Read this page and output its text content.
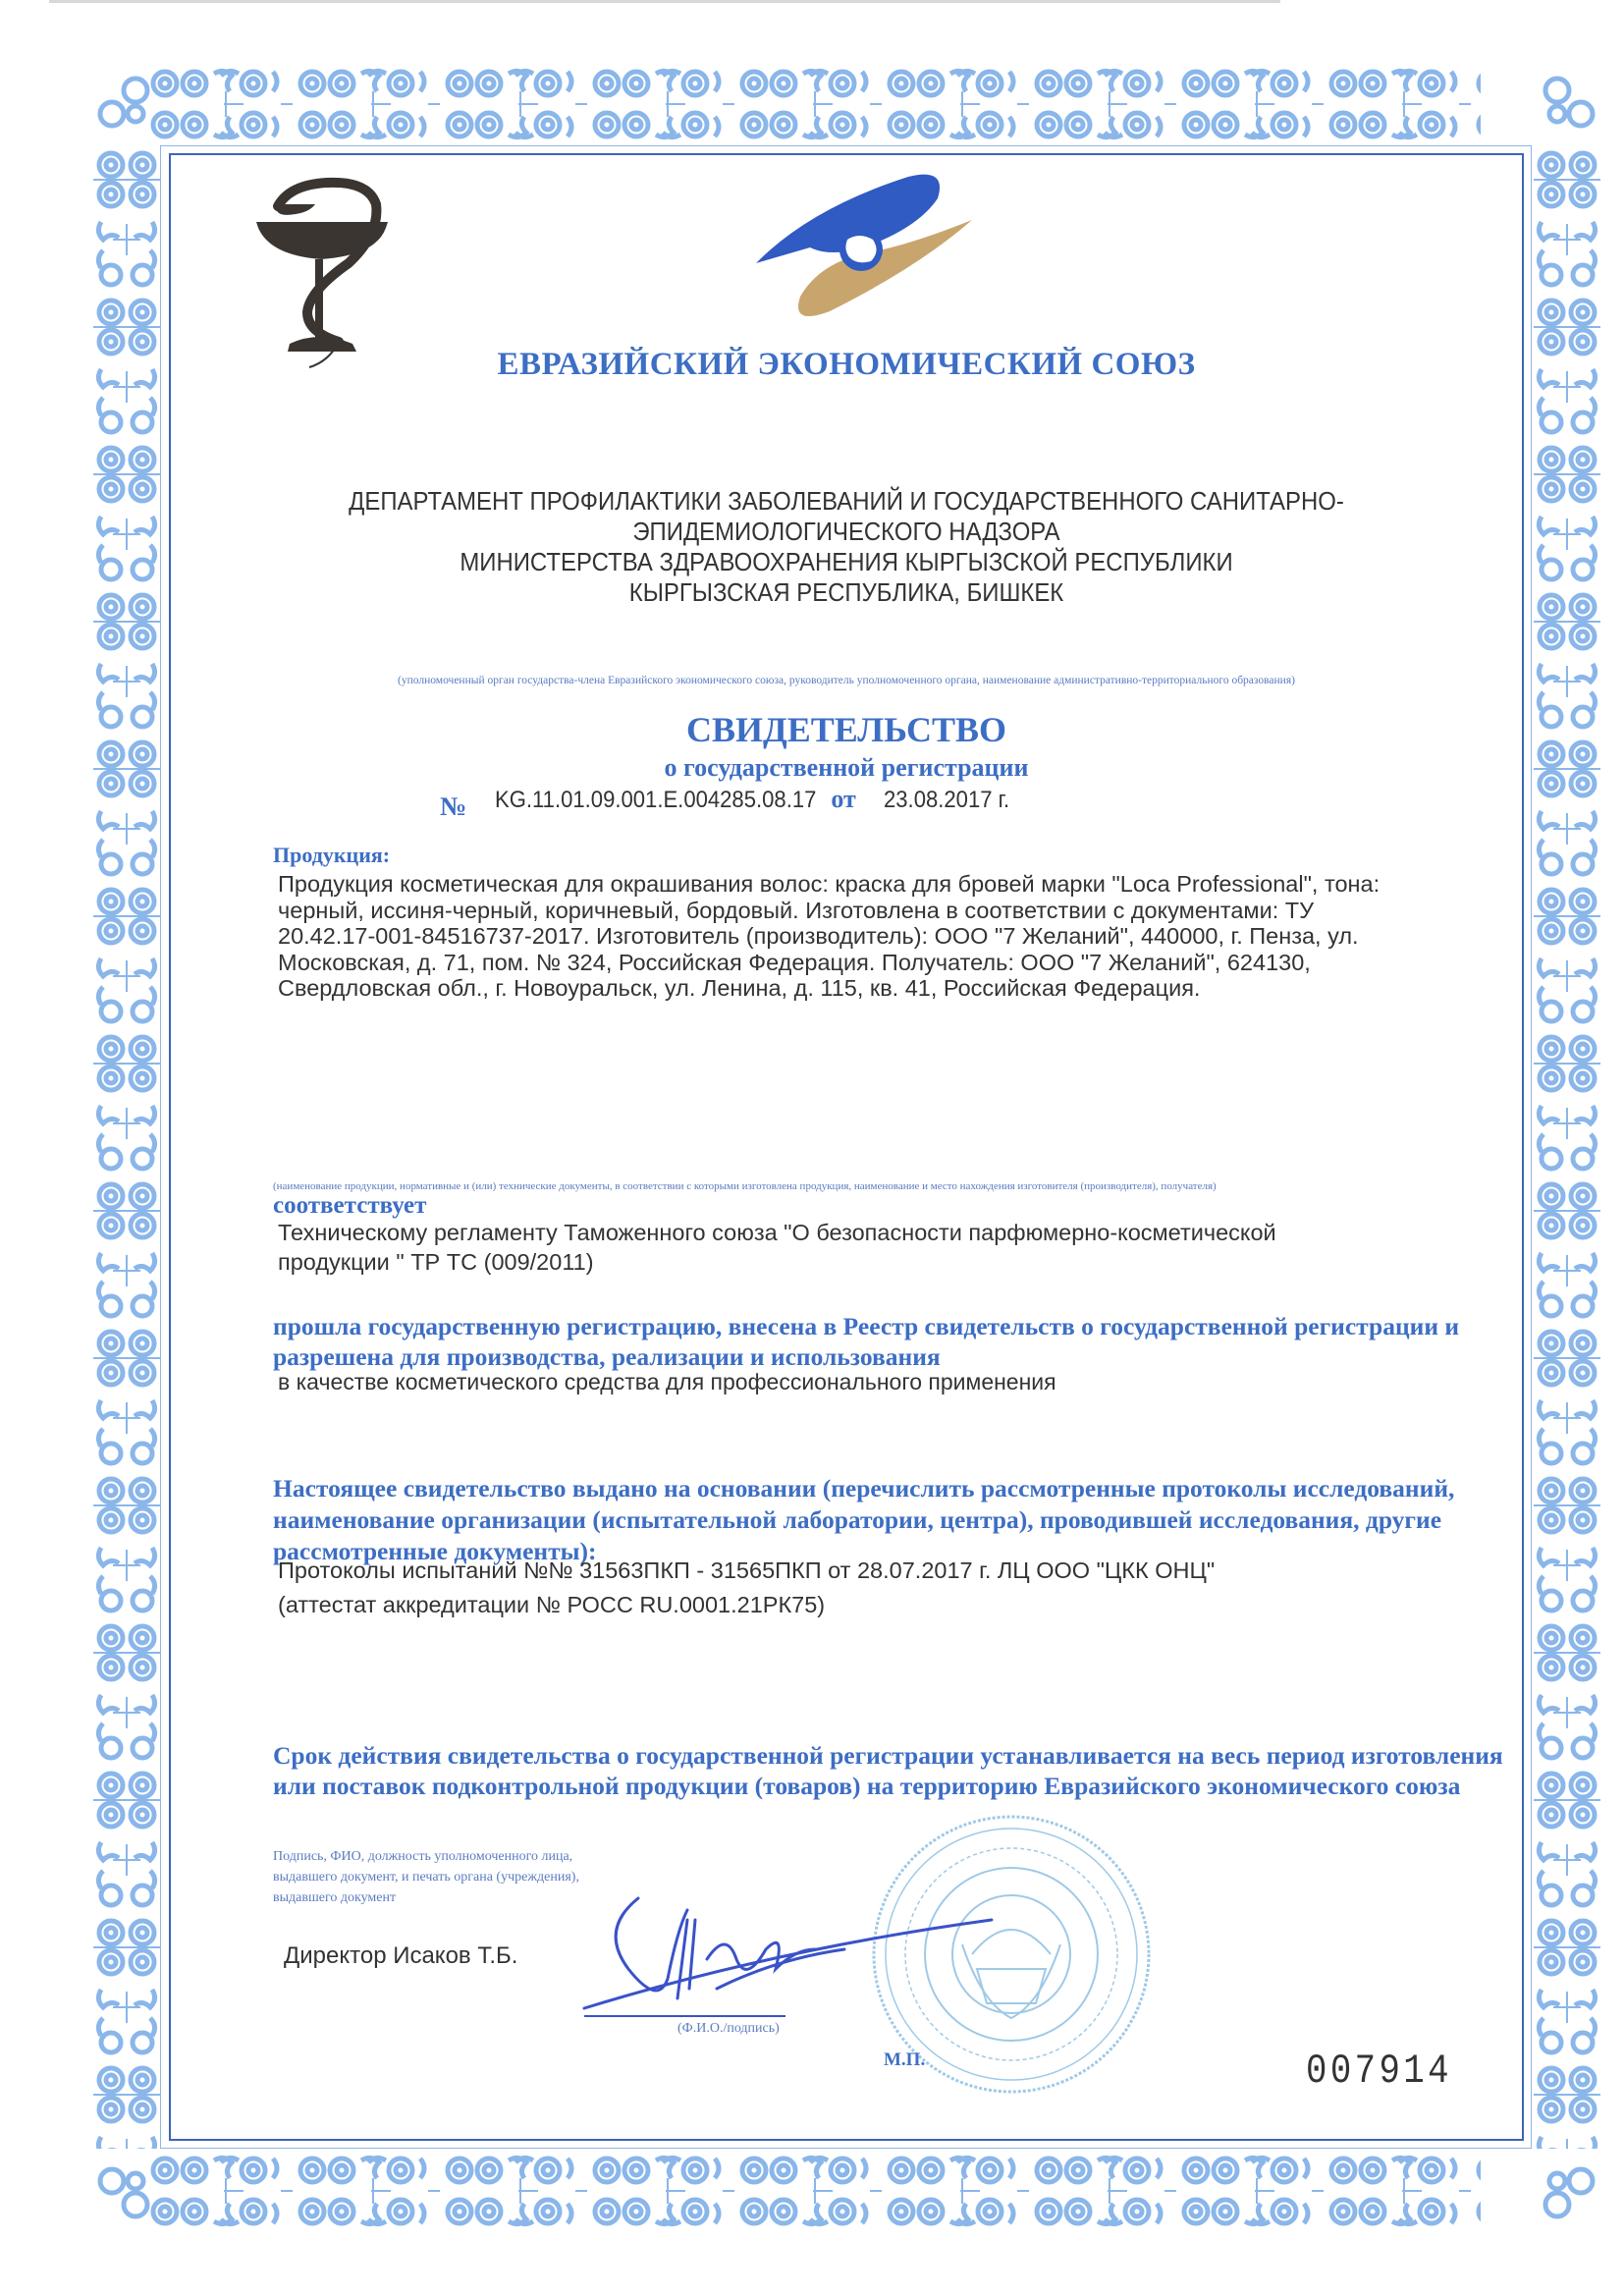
ЕВРАЗИЙСКИЙ ЭКОНОМИЧЕСКИЙ СОЮЗ
ДЕПАРТАМЕНТ ПРОФИЛАКТИКИ ЗАБОЛЕВАНИЙ И ГОСУДАРСТВЕННОГО САНИТАРНО-
ЭПИДЕМИОЛОГИЧЕСКОГО НАДЗОРА
МИНИСТЕРСТВА ЗДРАВООХРАНЕНИЯ КЫРГЫЗСКОЙ РЕСПУБЛИКИ
КЫРГЫЗСКАЯ РЕСПУБЛИКА, БИШКЕК
(уполномоченный орган государства-члена Евразийского экономического союза, руководитель уполномоченного органа, наименование административно-территориального образования)
СВИДЕТЕЛЬСТВО
о государственной регистрации
№ KG.11.01.09.001.Е.004285.08.17 от 23.08.2017 г.
Продукция:
Продукция косметическая для окрашивания волос: краска для бровей марки "Loca Professional", тона: черный, иссиня-черный, коричневый, бордовый. Изготовлена в соответствии с документами: ТУ 20.42.17-001-84516737-2017. Изготовитель (производитель): ООО "7 Желаний", 440000, г. Пенза, ул. Московская, д. 71, пом. № 324, Российская Федерация. Получатель: ООО "7 Желаний", 624130, Свердловская обл., г. Новоуральск, ул. Ленина, д. 115, кв. 41, Российская Федерация.
(наименование продукции, нормативные и (или) технические документы, в соответствии с которыми изготовлена продукция, наименование и место нахождения изготовителя (производителя), получателя)
соответствует
Техническому регламенту Таможенного союза "О безопасности парфюмерно-косметической продукции " ТР ТС (009/2011)
прошла государственную регистрацию, внесена в Реестр свидетельств о государственной регистрации и разрешена для производства, реализации и использования
в качестве косметического средства для профессионального применения
Настоящее свидетельство выдано на основании (перечислить рассмотренные протоколы исследований, наименование организации (испытательной лаборатории, центра), проводившей исследования, другие рассмотренные документы):
Протоколы испытаний №№ 31563ПКП - 31565ПКП от 28.07.2017 г. ЛЦ ООО "ЦКК ОНЦ"
(аттестат аккредитации № РОСС RU.0001.21РК75)
Срок действия свидетельства о государственной регистрации устанавливается на весь период изготовления или поставок подконтрольной продукции (товаров) на территорию Евразийского экономического союза
Подпись, ФИО, должность уполномоченного лица,
выдавшего документ, и печать органа (учреждения),
выдавшего документ
Директор Исаков Т.Б.
(Ф.И.О./подпись)
М.П.	007914
